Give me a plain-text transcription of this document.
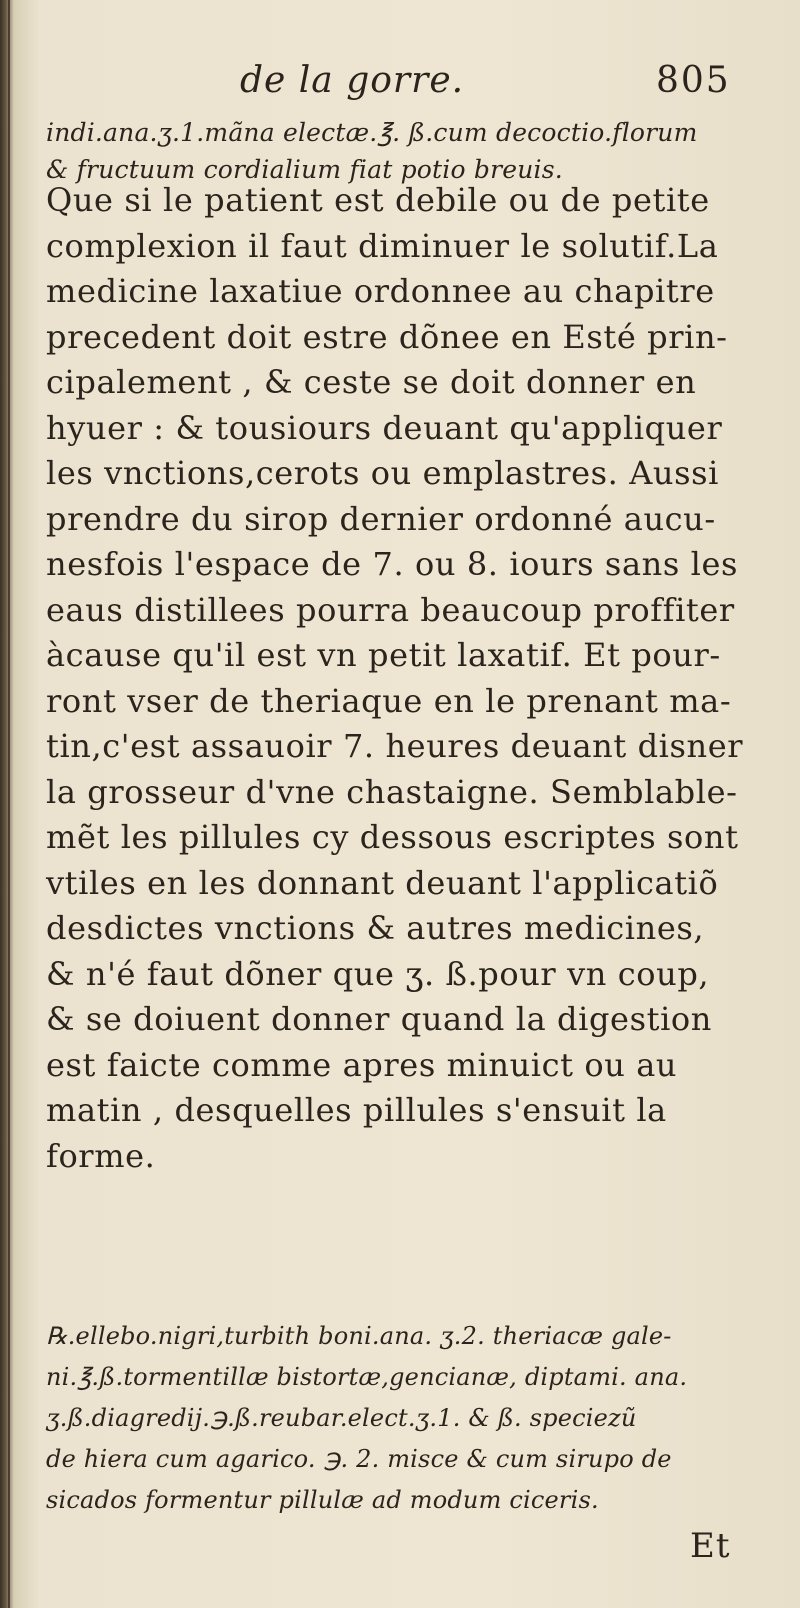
de la gorre.	805
indi.ana.ʒ.1.mãna electæ.℥. ß.cum decoctio.florum
& fructuum cordialium fiat potio breuis.
Que si le patient est debile ou de petite
complexion il faut diminuer le solutif.La
medicine laxatiue ordonnee au chapitre
precedent doit estre dõnee en Esté prin-
cipalement , & ceste se doit donner en
hyuer : & tousiours deuant qu'appliquer
les vnctions,cerots ou emplastres. Aussi
prendre du sirop dernier ordonné aucu-
nesfois l'espace de 7. ou 8. iours sans les
eaus distillees pourra beaucoup proffiter
àcause qu'il est vn petit laxatif. Et pour-
ront vser de theriaque en le prenant ma-
tin,c'est assauoir 7. heures deuant disner
la grosseur d'vne chastaigne. Semblable-
mẽt les pillules cy dessous escriptes sont
vtiles en les donnant deuant l'applicatiõ
desdictes vnctions & autres medicines,
& n'é faut dõner que ʒ. ß.pour vn coup,
& se doiuent donner quand la digestion
est faicte comme apres minuict ou au
matin , desquelles pillules s'ensuit la
forme.
℞.ellebo.nigri,turbith boni.ana. ʒ.2. theriacæ gale-
ni.℥.ß.tormentillæ bistortæ,gencianæ, diptami. ana.
ʒ.ß.diagredij.℈.ß.reubar.elect.ʒ.1. & ß. speciezũ
de hiera cum agarico. ℈. 2. misce & cum sirupo de
sicados formentur pillulæ ad modum ciceris.
Et
